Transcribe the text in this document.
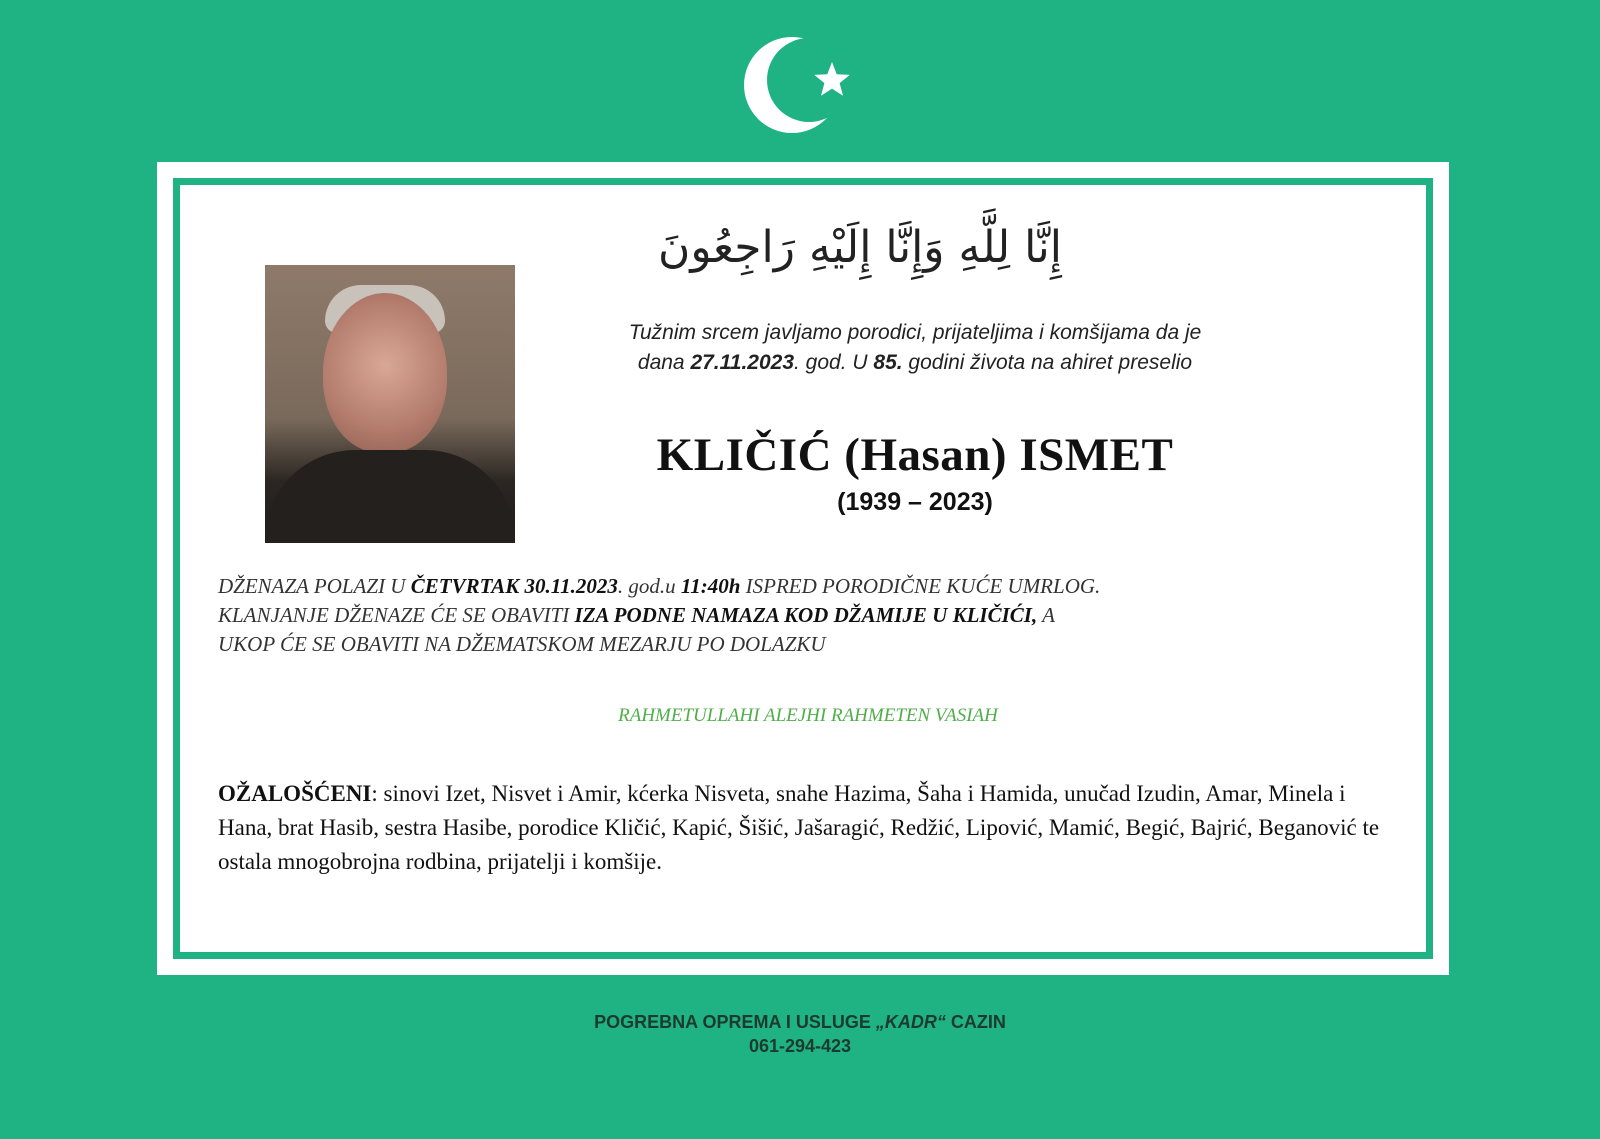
إِنَّا لِلَّهِ وَإِنَّا إِلَيْهِ رَاجِعُونَ
Tužnim srcem javljamo porodici, prijateljima i komšijama da je
dana 27.11.2023. god. U 85. godini života na ahiret preselio
KLIČIĆ (Hasan) ISMET
(1939 – 2023)
DŽENAZA POLAZI U ČETVRTAK 30.11.2023. god.u 11:40h ISPRED PORODIČNE KUĆE UMRLOG.
KLANJANJE DŽENAZE ĆE SE OBAVITI IZA PODNE NAMAZA KOD DŽAMIJE U KLIČIĆI, A
UKOP ĆE SE OBAVITI NA DŽEMATSKOM MEZARJU PO DOLAZKU
RAHMETULLAHI ALEJHI RAHMETEN VASIAH
OŽALOŠĆENI: sinovi Izet, Nisvet i Amir, kćerka Nisveta, snahe Hazima, Šaha i Hamida, unučad Izudin, Amar, Minela i Hana, brat Hasib, sestra Hasibe, porodice Kličić, Kapić, Šišić, Jašaragić, Redžić, Lipović, Mamić, Begić, Bajrić, Beganović te ostala mnogobrojna rodbina, prijatelji i komšije.
POGREBNA OPREMA I USLUGE „KADR“ CAZIN
061-294-423
